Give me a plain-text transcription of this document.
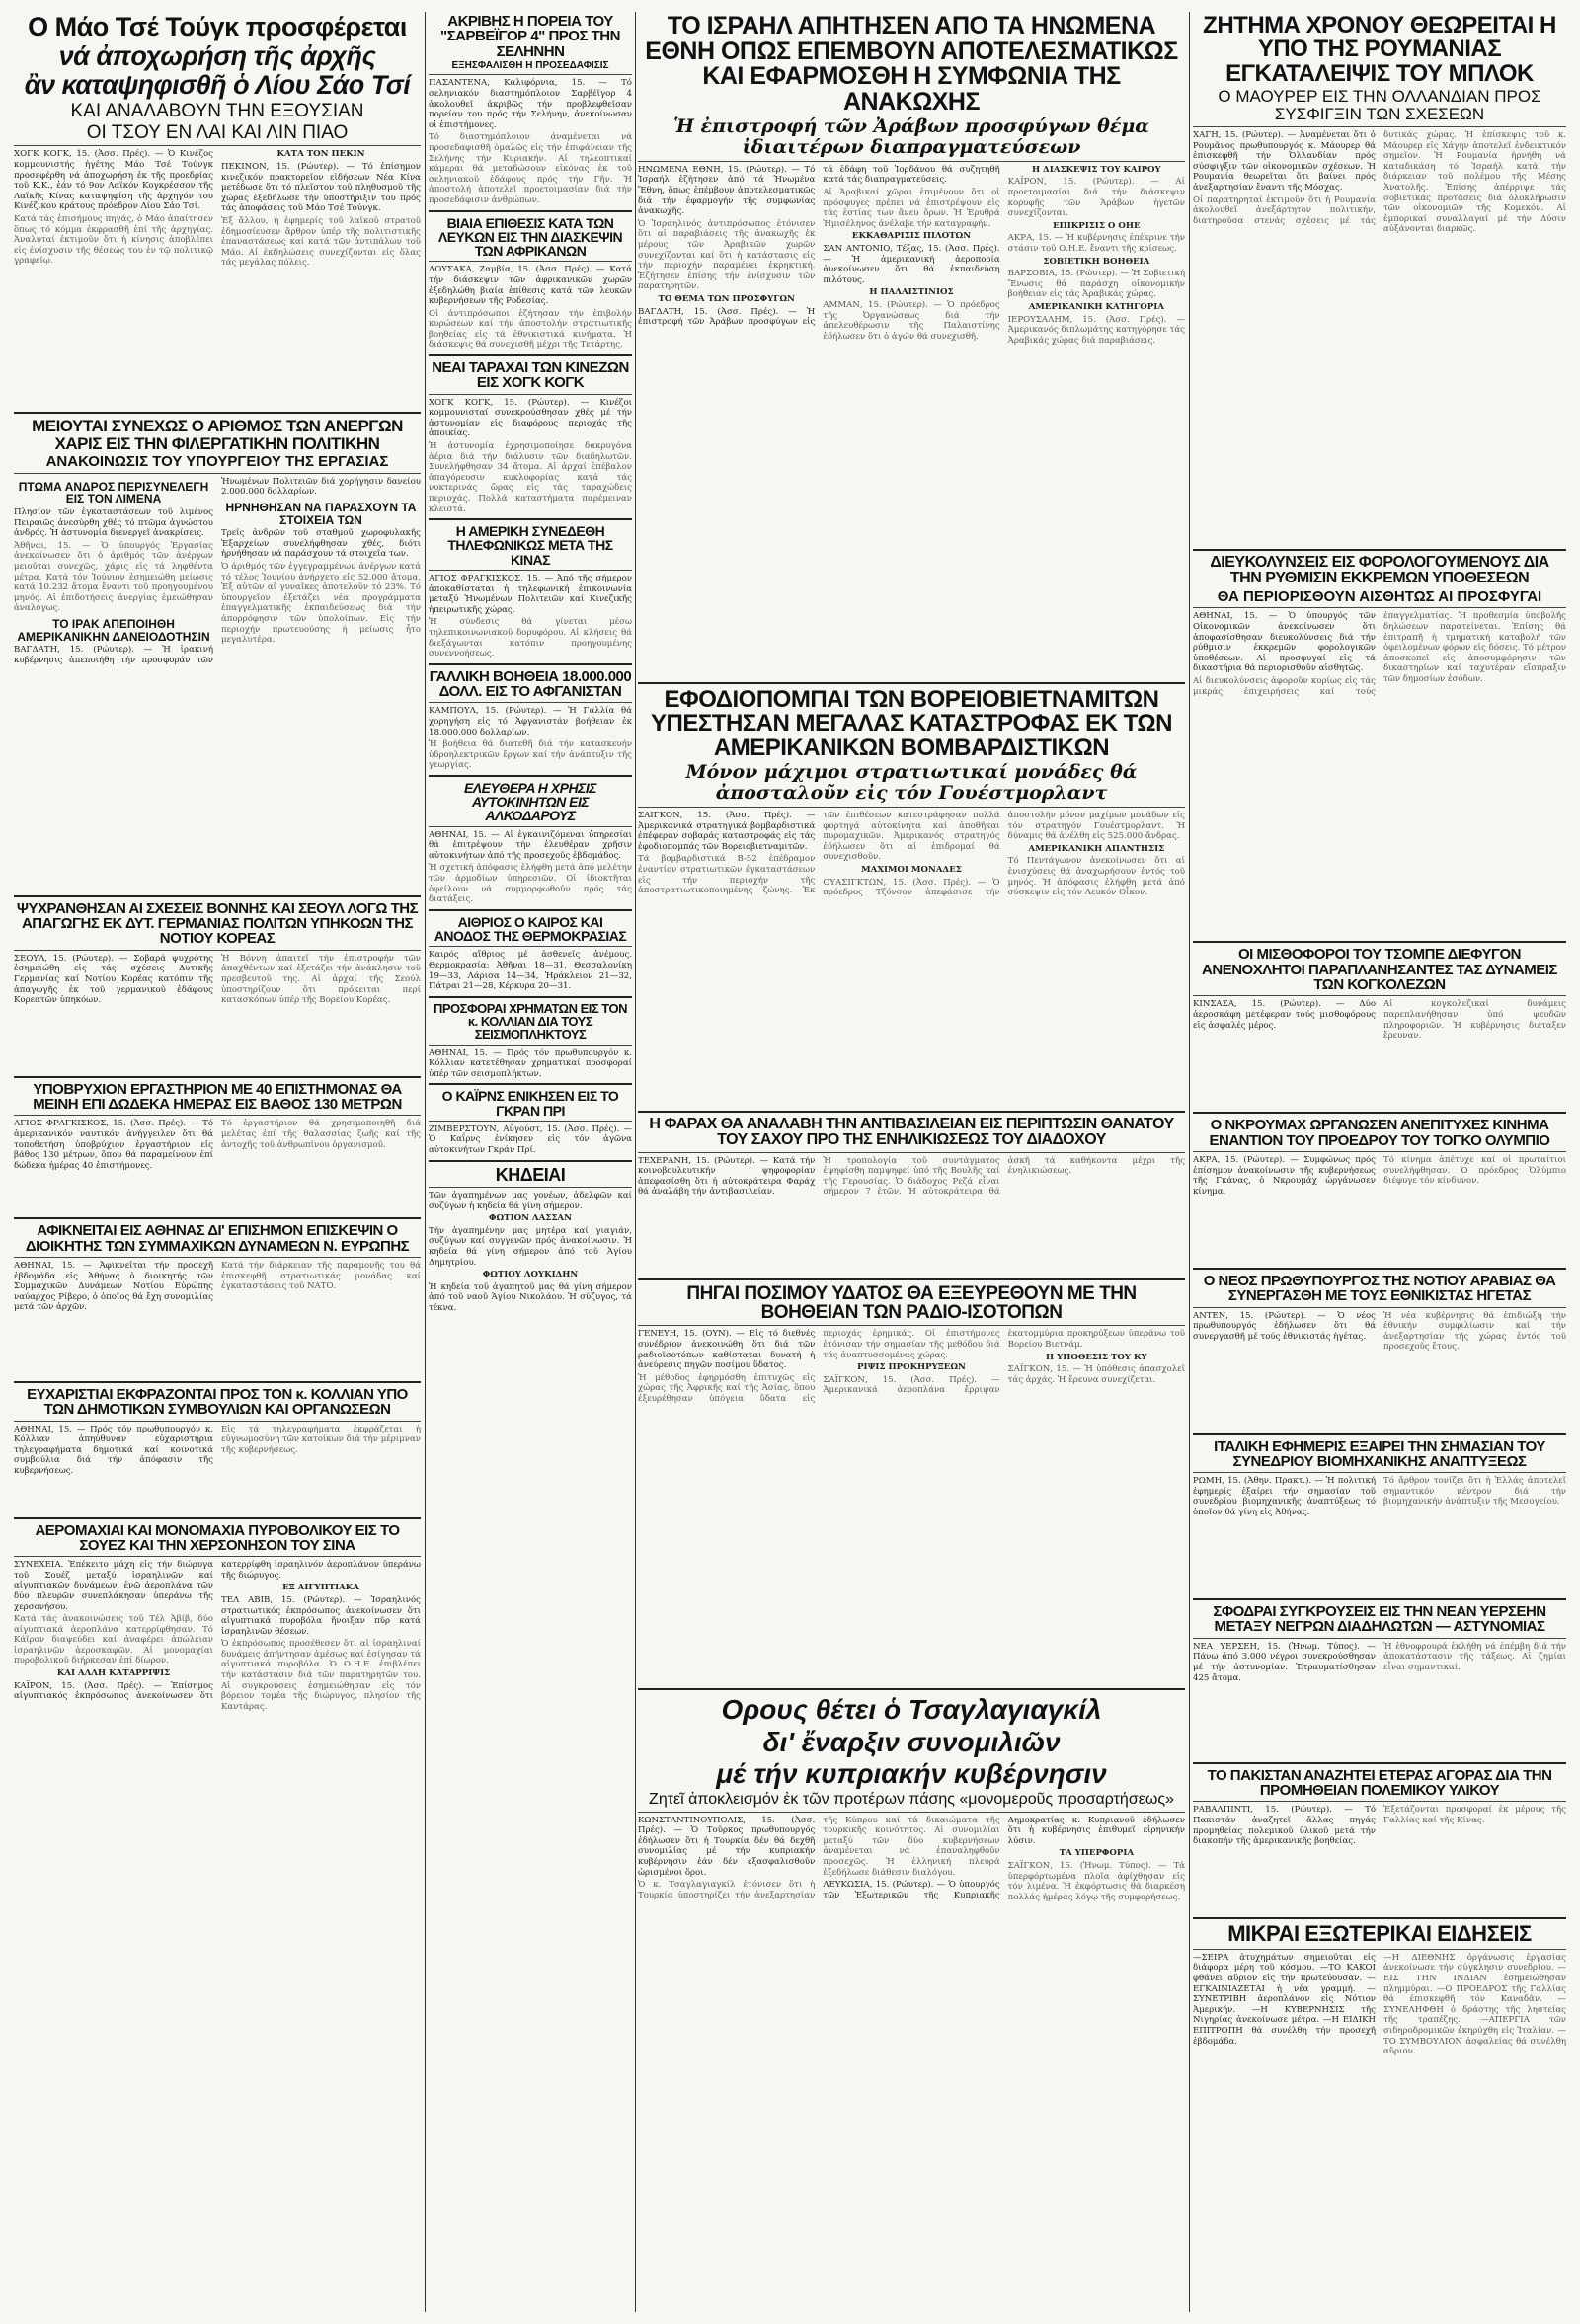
Ο Μάο Τσέ Τούγκ προσφέρεται
νά ἀποχωρήση τῆς ἀρχῆς
ἂν καταψηφισθῆ ὁ Λίου Σάο Τσί
ΚΑΙ ΑΝΑΛΑΒΟΥΝ ΤΗΝ ΕΞΟΥΣΙΑΝ
ΟΙ ΤΣΟΥ ΕΝ ΛΑΙ ΚΑΙ ΛΙΝ ΠΙΑΟ

ΧΟΓΚ ΚΟΓΚ, 15. (Ἀσσ. Πρές). — Ὁ Κινέζος κομμουνιστής ἡγέτης Μάο Τσέ Τούνγκ προσεφέρθη νά ἀποχωρήση ἐκ τῆς προεδρίας τοῦ Κ.Κ., ἐάν τό 9ον Λαϊκόν Κογκρέσσον τῆς Λαϊκῆς Κίνας καταψηφίση τῆς ἀρχηγόν του Κινέζικου κράτους πρόεδρον Λίου Σάο Τσί.

Κατά τάς ἐπισήμους πηγάς, ὁ Μάο ἀπαίτησεν ὅπως τό κόμμα ἐκφρασθῆ ἐπί τῆς ἀρχηγίας. Ἀναλυταί ἐκτιμοῦν ὅτι ἡ κίνησις ἀποβλέπει εἰς ἐνίσχυσιν τῆς θέσεώς του ἐν τῷ πολιτικῷ γραφείῳ.

ΚΑΤΑ ΤΟΝ ΠΕΚΙΝ

ΠΕΚΙΝΟΝ, 15. (Ρώυτερ). — Τό ἐπίσημον κινεζικόν πρακτορεῖον εἰδήσεων Νέα Κίνα μετέδωσε ὅτι τό πλεῖστον τοῦ πληθυσμοῦ τῆς χώρας ἐξεδήλωσε τήν ὑποστήριξιν του πρός τάς ἀποφάσεις τοῦ Μάο Τσέ Τούνγκ.

Ἐξ ἄλλου, ἡ ἐφημερίς τοῦ λαϊκοῦ στρατοῦ ἐδημοσίευσεν ἄρθρον ὑπέρ τῆς πολιτιστικῆς ἐπαναστάσεως καί κατά τῶν ἀντιπάλων τοῦ Μάο. Αἱ ἐκδηλώσεις συνεχίζονται εἰς ὅλας τάς μεγάλας πόλεις.

ΜΕΙΟΥΤΑΙ ΣΥΝΕΧΩΣ Ο ΑΡΙΘΜΟΣ ΤΩΝ ΑΝΕΡΓΩΝ ΧΑΡΙΣ ΕΙΣ ΤΗΝ ΦΙΛΕΡΓΑΤΙΚΗΝ ΠΟΛΙΤΙΚΗΝ
ΑΝΑΚΟΙΝΩΣΙΣ ΤΟΥ ΥΠΟΥΡΓΕΙΟΥ ΤΗΣ ΕΡΓΑΣΙΑΣ
ΠΤΩΜΑ ΑΝΔΡΟΣ ΠΕΡΙΣΥΝΕΛΕΓΗ ΕΙΣ ΤΟΝ ΛΙΜΕΝΑ

Πλησίον τῶν ἐγκαταστάσεων τοῦ λιμένος Πειραιῶς ἀνεσύρθη χθές τό πτῶμα ἀγνώστου ἀνδρός. Ἡ ἀστυνομία διενεργεῖ ἀνακρίσεις.

Ἀθῆναι, 15. — Ὁ ὑπουργός Ἐργασίας ἀνεκοίνωσεν ὅτι ὁ ἀριθμός τῶν ἀνέργων μειοῦται συνεχῶς, χάρις εἰς τά ληφθέντα μέτρα. Κατά τόν Ἰούνιον ἐσημειώθη μείωσις κατά 10.232 ἄτομα ἔναντι τοῦ προηγουμένου μηνός. Αἱ ἐπιδοτήσεις ἀνεργίας ἐμειώθησαν ἀναλόγως.

ΤΟ ΙΡΑΚ ΑΠΕΠΟΙΗΘΗ ΑΜΕΡΙΚΑΝΙΚΗΝ ΔΑΝΕΙΟΔΟΤΗΣΙΝ

ΒΑΓΔΑΤΗ, 15. (Ρώυτερ). — Ἡ ἰρακινή κυβέρνησις ἀπεποιήθη τήν προσφοράν τῶν Ἡνωμένων Πολιτειῶν διά χορήγησιν δανείου 2.000.000 δολλαρίων.

ΗΡΝΗΘΗΣΑΝ ΝΑ ΠΑΡΑΣΧΟΥΝ ΤΑ ΣΤΟΙΧΕΙΑ ΤΩΝ

Τρεῖς ἀνδρῶν τοῦ σταθμοῦ χωροφυλακῆς Ἐξαρχείων συνελήφθησαν χθές, διότι ἠρνήθησαν νά παράσχουν τά στοιχεῖα των.

Ὁ ἀριθμός τῶν ἐγγεγραμμένων ἀνέργων κατά τό τέλος Ἰουνίου ἀνήρχετο εἰς 52.000 ἄτομα. Ἐξ αὐτῶν αἱ γυναῖκες ἀποτελοῦν τό 23%. Τό ὑπουργεῖον ἐξετάζει νέα προγράμματα ἐπαγγελματικῆς ἐκπαιδεύσεως διά τήν ἀπορρόφησιν τῶν ὑπολοίπων. Εἰς τήν περιοχήν πρωτευούσης ἡ μείωσις ἦτο μεγαλυτέρα.

ΨΥΧΡΑΝΘΗΣΑΝ ΑΙ ΣΧΕΣΕΙΣ ΒΟΝΝΗΣ ΚΑΙ ΣΕΟΥΛ ΛΟΓΩ ΤΗΣ ΑΠΑΓΩΓΗΣ ΕΚ ΔΥΤ. ΓΕΡΜΑΝΙΑΣ ΠΟΛΙΤΩΝ ΥΠΗΚΟΩΝ ΤΗΣ ΝΟΤΙΟΥ ΚΟΡΕΑΣ

ΣΕΟΥΛ, 15. (Ρώυτερ). — Σοβαρά ψυχρότης ἐσημειώθη εἰς τάς σχέσεις Δυτικῆς Γερμανίας καί Νοτίου Κορέας κατόπιν τῆς ἀπαγωγῆς ἐκ τοῦ γερμανικοῦ ἐδάφους Κορεατῶν ὑπηκόων.

Ἡ Βόννη ἀπαιτεῖ τήν ἐπιστροφήν τῶν ἀπαχθέντων καί ἐξετάζει τήν ἀνάκλησιν τοῦ πρεσβευτοῦ της. Αἱ ἀρχαί τῆς Σεούλ ὑποστηρίζουν ὅτι πρόκειται περί κατασκόπων ὑπέρ τῆς Βορείου Κορέας.

ΥΠΟΒΡΥΧΙΟΝ ΕΡΓΑΣΤΗΡΙΟΝ ΜΕ 40 ΕΠΙΣΤΗΜΟΝΑΣ ΘΑ ΜΕΙΝΗ ΕΠΙ ΔΩΔΕΚΑ ΗΜΕΡΑΣ ΕΙΣ ΒΑΘΟΣ 130 ΜΕΤΡΩΝ

ΑΓΙΟΣ ΦΡΑΓΚΙΣΚΟΣ, 15. (Ἀσσ. Πρές). — Τό ἀμερικανικόν ναυτικόν ἀνήγγειλεν ὅτι θά τοποθετήση ὑποβρύχιον ἐργαστήριον εἰς βάθος 130 μέτρων, ὅπου θά παραμείνουν ἐπί δώδεκα ἡμέρας 40 ἐπιστήμονες.

Τό ἐργαστήριον θά χρησιμοποιηθῆ διά μελέτας ἐπί τῆς θαλασσίας ζωῆς καί τῆς ἀντοχῆς τοῦ ἀνθρωπίνου ὀργανισμοῦ.

ΑΦΙΚΝΕΙΤΑΙ ΕΙΣ ΑΘΗΝΑΣ ΔΙ' ΕΠΙΣΗΜΟΝ ΕΠΙΣΚΕΨΙΝ Ο ΔΙΟΙΚΗΤΗΣ ΤΩΝ ΣΥΜΜΑΧΙΚΩΝ ΔΥΝΑΜΕΩΝ Ν. ΕΥΡΩΠΗΣ

ΑΘΗΝΑΙ, 15. — Ἀφικνεῖται τήν προσεχῆ ἑβδομάδα εἰς Ἀθήνας ὁ διοικητής τῶν Συμμαχικῶν Δυνάμεων Νοτίου Εὐρώπης ναύαρχος Ρίβερο, ὁ ὁποῖος θά ἔχη συνομιλίας μετά τῶν ἀρχῶν.

Κατά τήν διάρκειαν τῆς παραμονῆς του θά ἐπισκεφθῆ στρατιωτικάς μονάδας καί ἐγκαταστάσεις τοῦ ΝΑΤΟ.

ΕΥΧΑΡΙΣΤΙΑΙ ΕΚΦΡΑΖΟΝΤΑΙ ΠΡΟΣ ΤΟΝ κ. ΚΟΛΛΙΑΝ ΥΠΟ ΤΩΝ ΔΗΜΟΤΙΚΩΝ ΣΥΜΒΟΥΛΙΩΝ ΚΑΙ ΟΡΓΑΝΩΣΕΩΝ

ΑΘΗΝΑΙ, 15. — Πρός τόν πρωθυπουργόν κ. Κόλλιαν ἀπηύθυναν εὐχαριστήρια τηλεγραφήματα δημοτικά καί κοινοτικά συμβούλια διά τήν ἀπόφασιν τῆς κυβερνήσεως.

Εἰς τά τηλεγραφήματα ἐκφράζεται ἡ εὐγνωμοσύνη τῶν κατοίκων διά τήν μέριμναν τῆς κυβερνήσεως.

ΑΕΡΟΜΑΧΙΑΙ ΚΑΙ ΜΟΝΟΜΑΧΙΑ ΠΥΡΟΒΟΛΙΚΟΥ ΕΙΣ ΤΟ ΣΟΥΕΖ ΚΑΙ ΤΗΝ ΧΕΡΣΟΝΗΣΟΝ ΤΟΥ ΣΙΝΑ

ΣΥΝΕΧΕΙΑ. Ἐπέκειτο μάχη εἰς τήν διώρυγα τοῦ Σουέζ μεταξύ ἰσραηλινῶν καί αἰγυπτιακῶν δυνάμεων, ἐνῶ ἀεροπλάνα τῶν δύο πλευρῶν συνεπλάκησαν ὑπεράνω τῆς χερσονήσου.

Κατά τάς ἀνακοινώσεις τοῦ Τέλ Ἀβίβ, δύο αἰγυπτιακά ἀεροπλάνα κατερρίφθησαν. Τό Κάϊρον διαψεύδει καί ἀναφέρει ἀπώλειαν ἰσραηλινῶν ἀεροσκαφῶν. Αἱ μονομαχίαι πυροβολικοῦ διήρκεσαν ἐπί δίωρον.

ΚΑΙ ΑΛΛΗ ΚΑΤΑΡΡΙΨΙΣ

ΚΑΪΡΟΝ, 15. (Ἀσσ. Πρές). — Ἐπίσημος αἰγυπτιακός ἐκπρόσωπος ἀνεκοίνωσεν ὅτι κατερρίφθη ἰσραηλινόν ἀεροπλάνον ὑπεράνω τῆς διώρυγος.

ΕΞ ΑΙΓΥΠΤΙΑΚΑ

ΤΕΛ ΑΒΙΒ, 15. (Ρώυτερ). — Ἰσραηλινός στρατιωτικός ἐκπρόσωπος ἀνεκοίνωσεν ὅτι αἰγυπτιακά πυροβόλα ἤνοιξαν πῦρ κατά ἰσραηλινῶν θέσεων.

Ὁ ἐκπρόσωπος προσέθεσεν ὅτι αἱ ἰσραηλιναί δυνάμεις ἀπήντησαν ἀμέσως καί ἐσίγησαν τά αἰγυπτιακά πυροβόλα. Ὁ Ο.Η.Ε. ἐπιβλέπει τήν κατάστασιν διά τῶν παρατηρητῶν του. Αἱ συγκρούσεις ἐσημειώθησαν εἰς τόν βόρειον τομέα τῆς διώρυγος, πλησίον τῆς Καντάρας.

ΑΚΡΙΒΗΣ Η ΠΟΡΕΙΑ ΤΟΥ "ΣΑΡΒΕΪΓΟΡ 4" ΠΡΟΣ ΤΗΝ ΣΕΛΗΝΗΝ
ΕΞΗΣΦΑΛΙΣΘΗ Η ΠΡΟΣΕΔΑΦΙΣΙΣ

ΠΑΣΑΝΤΕΝΑ, Καλιφόρνια, 15. — Τό σεληνιακόν διαστημόπλοιον Σαρβέϊγορ 4 ἀκολουθεῖ ἀκριβῶς τήν προβλεφθεῖσαν πορείαν του πρός τήν Σελήνην, ἀνεκοίνωσαν οἱ ἐπιστήμονες.

Τό διαστημόπλοιον ἀναμένεται νά προσεδαφισθῆ ὁμαλῶς εἰς τήν ἐπιφάνειαν τῆς Σελήνης τήν Κυριακήν. Αἱ τηλεοπτικαί κάμεραι θά μεταδώσουν εἰκόνας ἐκ τοῦ σεληνιακοῦ ἐδάφους πρός τήν Γῆν. Ἡ ἀποστολή ἀποτελεῖ προετοιμασίαν διά τήν προσεδάφισιν ἀνθρώπων.

ΒΙΑΙΑ ΕΠΙΘΕΣΙΣ ΚΑΤΑ ΤΩΝ ΛΕΥΚΩΝ ΕΙΣ ΤΗΝ ΔΙΑΣΚΕΨΙΝ ΤΩΝ ΑΦΡΙΚΑΝΩΝ

ΛΟΥΣΑΚΑ, Ζαμβία, 15. (Ἀσσ. Πρές). — Κατά τήν διάσκεψιν τῶν ἀφρικανικῶν χωρῶν ἐξεδηλώθη βιαία ἐπίθεσις κατά τῶν λευκῶν κυβερνήσεων τῆς Ροδεσίας.

Οἱ ἀντιπρόσωποι ἐζήτησαν τήν ἐπιβολήν κυρώσεων καί τήν ἀποστολήν στρατιωτικῆς βοηθείας εἰς τά ἐθνικιστικά κινήματα. Ἡ διάσκεψις θά συνεχισθῆ μέχρι τῆς Τετάρτης.

ΝΕΑΙ ΤΑΡΑΧΑΙ ΤΩΝ ΚΙΝΕΖΩΝ ΕΙΣ ΧΟΓΚ ΚΟΓΚ

ΧΟΓΚ ΚΟΓΚ, 15. (Ρώυτερ). — Κινέζοι κομμουνισταί συνεκρούσθησαν χθές μέ τήν ἀστυνομίαν εἰς διαφόρους περιοχάς τῆς ἀποικίας.

Ἡ ἀστυνομία ἐχρησιμοποίησε δακρυγόνα ἀέρια διά τήν διάλυσιν τῶν διαδηλωτῶν. Συνελήφθησαν 34 ἄτομα. Αἱ ἀρχαί ἐπέβαλον ἀπαγόρευσιν κυκλοφορίας κατά τάς νυκτερινάς ὥρας εἰς τάς ταραχώδεις περιοχάς. Πολλά καταστήματα παρέμειναν κλειστά.

Η ΑΜΕΡΙΚΗ ΣΥΝΕΔΕΘΗ ΤΗΛΕΦΩΝΙΚΩΣ ΜΕΤΑ ΤΗΣ ΚΙΝΑΣ

ΑΓΙΟΣ ΦΡΑΓΚΙΣΚΟΣ, 15. — Ἀπό τῆς σήμερον ἀποκαθίσταται ἡ τηλεφωνική ἐπικοινωνία μεταξύ Ἡνωμένων Πολιτειῶν καί Κινεζικῆς ἠπειρωτικῆς χώρας.

Ἡ σύνδεσις θά γίνεται μέσω τηλεπικοινωνιακοῦ δορυφόρου. Αἱ κλήσεις θά διεξάγωνται κατόπιν προηγουμένης συνεννοήσεως.

ΓΑΛΛΙΚΗ ΒΟΗΘΕΙΑ 18.000.000 ΔΟΛΛ. ΕΙΣ ΤΟ ΑΦΓΑΝΙΣΤΑΝ

ΚΑΜΠΟΥΛ, 15. (Ρώυτερ). — Ἡ Γαλλία θά χορηγήση εἰς τό Ἀφγανιστάν βοήθειαν ἐκ 18.000.000 δολλαρίων.

Ἡ βοήθεια θά διατεθῆ διά τήν κατασκευήν ὑδροηλεκτρικῶν ἔργων καί τήν ἀνάπτυξιν τῆς γεωργίας.

ΕΛΕΥΘΕΡΑ Η ΧΡΗΣΙΣ ΑΥΤΟΚΙΝΗΤΩΝ ΕΙΣ ΑΛΚΟΔΑΡΟΥΣ

ΑΘΗΝΑΙ, 15. — Αἱ ἐγκαινιζόμεναι ὑπηρεσίαι θά ἐπιτρέψουν τήν ἐλευθέραν χρῆσιν αὐτοκινήτων ἀπό τῆς προσεχοῦς ἑβδομάδος.

Ἡ σχετική ἀπόφασις ἐλήφθη μετά ἀπό μελέτην τῶν ἁρμοδίων ὑπηρεσιῶν. Οἱ ἰδιοκτῆται ὀφείλουν νά συμμορφωθοῦν πρός τάς διατάξεις.

ΑΙΘΡΙΟΣ Ο ΚΑΙΡΟΣ ΚΑΙ ΑΝΟΔΟΣ ΤΗΣ ΘΕΡΜΟΚΡΑΣΙΑΣ

Καιρός αἴθριος μέ ἀσθενεῖς ἀνέμους. Θερμοκρασία: Ἀθῆναι 18—31, Θεσσαλονίκη 19—33, Λάρισα 14—34, Ἡράκλειον 21—32, Πάτραι 21—28, Κέρκυρα 20—31.

ΠΡΟΣΦΟΡΑΙ ΧΡΗΜΑΤΩΝ ΕΙΣ ΤΟΝ κ. ΚΟΛΛΙΑΝ ΔΙΑ ΤΟΥΣ ΣΕΙΣΜΟΠΛΗΚΤΟΥΣ

ΑΘΗΝΑΙ, 15. — Πρός τόν πρωθυπουργόν κ. Κόλλιαν κατετέθησαν χρηματικαί προσφοραί ὑπέρ τῶν σεισμοπλήκτων.

Ο ΚΑΪΡΝΣ ΕΝΙΚΗΣΕΝ ΕΙΣ ΤΟ ΓΚΡΑΝ ΠΡΙ

ΖΙΜΒΕΡΣΤΟΥΝ, Αὐγούστ, 15. (Ἀσσ. Πρές). — Ὁ Καΐρνς ἐνίκησεν εἰς τόν ἀγῶνα αὐτοκινήτων Γκράν Πρί.

ΚΗΔΕΙΑΙ

Τῶν ἀγαπημένων μας γονέων, ἀδελφῶν καί συζύγων ἡ κηδεία θά γίνη σήμερον.

ΦΩΤΙΟΝ ΛΑΣΣΑΝ

Τήν ἀγαπημένην μας μητέρα καί γιαγιάν, συζύγων καί συγγενῶν πρός ἀνακοίνωσιν. Ἡ κηδεία θά γίνη σήμερον ἀπό τοῦ Ἁγίου Δημητρίου.

ΦΩΤΙΟΥ ΛΟΥΚΙΔΗΝ

Ἡ κηδεία τοῦ ἀγαπητοῦ μας θά γίνη σήμερον ἀπό τοῦ ναοῦ Ἁγίου Νικολάου. Ἡ σύζυγος, τά τέκνα.

ΤΟ ΙΣΡΑΗΛ ΑΠΗΤΗΣΕΝ ΑΠΟ ΤΑ ΗΝΩΜΕΝΑ ΕΘΝΗ ΟΠΩΣ ΕΠΕΜΒΟΥΝ ΑΠΟΤΕΛΕΣΜΑΤΙΚΩΣ ΚΑΙ ΕΦΑΡΜΟΣΘΗ Η ΣΥΜΦΩΝΙΑ ΤΗΣ ΑΝΑΚΩΧΗΣ
Ἡ ἐπιστροφή τῶν Ἀράβων προσφύγων θέμα ἰδιαιτέρων διαπραγματεύσεων

ΗΝΩΜΕΝΑ ΕΘΝΗ, 15. (Ρώυτερ). — Τό Ἰσραήλ ἐζήτησεν ἀπό τά Ἡνωμένα Ἔθνη, ὅπως ἐπέμβουν ἀποτελεσματικῶς διά τήν ἐφαρμογήν τῆς συμφωνίας ἀνακωχῆς.

Ὁ Ἰσραηλινός ἀντιπρόσωπος ἐτόνισεν ὅτι αἱ παραβιάσεις τῆς ἀνακωχῆς ἐκ μέρους τῶν Ἀραβικῶν χωρῶν συνεχίζονται καί ὅτι ἡ κατάστασις εἰς τήν περιοχήν παραμένει ἐκρηκτική. Ἐζήτησεν ἐπίσης τήν ἐνίσχυσιν τῶν παρατηρητῶν.

ΤΟ ΘΕΜΑ ΤΩΝ ΠΡΟΣΦΥΓΩΝ

ΒΑΓΔΑΤΗ, 15. (Ἀσσ. Πρές). — Ἡ ἐπιστροφή τῶν Ἀράβων προσφύγων εἰς τά ἐδάφη τοῦ Ἰορδάνου θά συζητηθῆ κατά τάς διαπραγματεύσεις.

Αἱ Ἀραβικαί χῶραι ἐπιμένουν ὅτι οἱ πρόσφυγες πρέπει νά ἐπιστρέψουν εἰς τάς ἑστίας των ἄνευ ὅρων. Ἡ Ἐρυθρά Ἡμισέληνος ἀνέλαβε τήν καταγραφήν.

ΕΚΚΑΘΑΡΙΣΙΣ ΠΙΛΟΤΩΝ

ΣΑΝ ΑΝΤΟΝΙΟ, Τέξας, 15. (Ἀσσ. Πρές). — Ἡ ἀμερικανική ἀεροπορία ἀνεκοίνωσεν ὅτι θά ἐκπαιδεύση πιλότους.

Η ΠΑΛΑΙΣΤΙΝΙΟΣ

ΑΜΜΑΝ, 15. (Ρώυτερ). — Ὁ πρόεδρος τῆς Ὀργανώσεως διά τήν ἀπελευθέρωσιν τῆς Παλαιστίνης ἐδήλωσεν ὅτι ὁ ἀγών θά συνεχισθῆ.

Η ΔΙΑΣΚΕΨΙΣ ΤΟΥ ΚΑΪΡΟΥ

ΚΑΪΡΟΝ, 15. (Ρώυτερ). — Αἱ προετοιμασίαι διά τήν διάσκεψιν κορυφῆς τῶν Ἀράβων ἡγετῶν συνεχίζονται.

ΕΠΙΚΡΙΣΙΣ Ο ΟΗΕ

ΑΚΡΑ, 15. — Ἡ κυβέρνησις ἐπέκρινε τήν στάσιν τοῦ Ο.Η.Ε. ἔναντι τῆς κρίσεως.

ΣΟΒΙΕΤΙΚΗ ΒΟΗΘΕΙΑ

ΒΑΡΣΟΒΙΑ, 15. (Ρώυτερ). — Ἡ Σοβιετική Ἕνωσις θά παράσχη οἰκονομικήν βοήθειαν εἰς τάς Ἀραβικάς χώρας.

ΑΜΕΡΙΚΑΝΙΚΗ ΚΑΤΗΓΟΡΙΑ

ΙΕΡΟΥΣΑΛΗΜ, 15. (Ἀσσ. Πρές). — Ἀμερικανός διπλωμάτης κατηγόρησε τάς Ἀραβικάς χώρας διά παραβιάσεις.

ΕΦΟΔΙΟΠΟΜΠΑΙ ΤΩΝ ΒΟΡΕΙΟΒΙΕΤΝΑΜΙΤΩΝ ΥΠΕΣΤΗΣΑΝ ΜΕΓΑΛΑΣ ΚΑΤΑΣΤΡΟΦΑΣ ΕΚ ΤΩΝ ΑΜΕΡΙΚΑΝΙΚΩΝ ΒΟΜΒΑΡΔΙΣΤΙΚΩΝ
Μόνον μάχιμοι στρατιωτικαί μονάδες θά ἀποσταλοῦν εἰς τόν Γουέστμορλαντ

ΣΑΪΓΚΟΝ, 15. (Ἀσσ. Πρές). — Ἀμερικανικά στρατηγικά βομβαρδιστικά ἐπέφεραν σοβαράς καταστροφάς εἰς τάς ἐφοδιοπομπάς τῶν Βορειοβιετναμιτῶν.

Τά βομβαρδιστικά Β-52 ἐπέδραμον ἐναντίον στρατιωτικῶν ἐγκαταστάσεων εἰς τήν περιοχήν τῆς ἀποστρατιωτικοποιημένης ζώνης. Ἐκ τῶν ἐπιθέσεων κατεστράφησαν πολλά φορτηγά αὐτοκίνητα καί ἀποθῆκαι πυρομαχικῶν. Ἀμερικανός στρατηγός ἐδήλωσεν ὅτι αἱ ἐπιδρομαί θά συνεχισθοῦν.

ΜΑΧΙΜΟΙ ΜΟΝΑΔΕΣ

ΟΥΑΣΙΓΚΤΩΝ, 15. (Ἀσσ. Πρές). — Ὁ πρόεδρος Τζόνσον ἀπεφάσισε τήν ἀποστολήν μόνον μαχίμων μονάδων εἰς τόν στρατηγόν Γουέστμορλαντ. Ἡ δύναμις θά ἀνέλθη εἰς 525.000 ἄνδρας.

ΑΜΕΡΙΚΑΝΙΚΗ ΑΠΑΝΤΗΣΙΣ

Τό Πεντάγωνον ἀνεκοίνωσεν ὅτι αἱ ἐνισχύσεις θά ἀναχωρήσουν ἐντός τοῦ μηνός. Ἡ ἀπόφασις ἐλήφθη μετά ἀπό σύσκεψιν εἰς τόν Λευκόν Οἶκον.

Η ΦΑΡΑΧ ΘΑ ΑΝΑΛΑΒΗ ΤΗΝ ΑΝΤΙΒΑΣΙΛΕΙΑΝ ΕΙΣ ΠΕΡΙΠΤΩΣΙΝ ΘΑΝΑΤΟΥ ΤΟΥ ΣΑΧΟΥ ΠΡΟ ΤΗΣ ΕΝΗΛΙΚΙΩΣΕΩΣ ΤΟΥ ΔΙΑΔΟΧΟΥ

ΤΕΧΕΡΑΝΗ, 15. (Ρώυτερ). — Κατά τήν κοινοβουλευτικήν ψηφοφορίαν ἀπεφασίσθη ὅτι ἡ αὐτοκράτειρα Φαράχ θά ἀναλάβη τήν ἀντιβασιλείαν.

Ἡ τροπολογία τοῦ συντάγματος ἐψηφίσθη παμψηφεί ὑπό τῆς Βουλῆς καί τῆς Γερουσίας. Ὁ διάδοχος Ρεζά εἶναι σήμερον 7 ἐτῶν. Ἡ αὐτοκράτειρα θά ἀσκῆ τά καθήκοντα μέχρι τῆς ἐνηλικιώσεως.

ΠΗΓΑΙ ΠΟΣΙΜΟΥ ΥΔΑΤΟΣ ΘΑ ΕΞΕΥΡΕΘΟΥΝ ΜΕ ΤΗΝ ΒΟΗΘΕΙΑΝ ΤΩΝ ΡΑΔΙΟ-ΙΣΟΤΟΠΩΝ

ΓΕΝΕΥΗ, 15. (ΟΥΝ). — Εἰς τό διεθνές συνέδριον ἀνεκοινώθη ὅτι διά τῶν ραδιοϊσοτόπων καθίσταται δυνατή ἡ ἀνεύρεσις πηγῶν ποσίμου ὕδατος.

Ἡ μέθοδος ἐφηρμόσθη ἐπιτυχῶς εἰς χώρας τῆς Ἀφρικῆς καί τῆς Ἀσίας, ὅπου ἐξευρέθησαν ὑπόγεια ὕδατα εἰς περιοχάς ἐρημικάς. Οἱ ἐπιστήμονες ἐτόνισαν τήν σημασίαν τῆς μεθόδου διά τάς ἀναπτυσσομένας χώρας.

ΡΙΨΙΣ ΠΡΟΚΗΡΥΞΕΩΝ

ΣΑΪΓΚΟΝ, 15. (Ἀσσ. Πρές). — Ἀμερικανικά ἀεροπλάνα ἔρριψαν ἑκατομμύρια προκηρύξεων ὑπεράνω τοῦ Βορείου Βιετνάμ.

Η ΥΠΟΘΕΣΙΣ ΤΟΥ ΚΥ

ΣΑΪΓΚΟΝ, 15. — Ἡ ὑπόθεσις ἀπασχολεῖ τάς ἀρχάς. Ἡ ἔρευνα συνεχίζεται.

Ορους θέτει ὁ Τσαγλαγιαγκίλ
δι' ἔναρξιν συνομιλιῶν
μέ τήν κυπριακήν κυβέρνησιν
Ζητεῖ ἀποκλεισμόν ἐκ τῶν προτέρων πάσης «μονομεροῦς προσαρτήσεως»

ΚΩΝΣΤΑΝΤΙΝΟΥΠΟΛΙΣ, 15. (Ἀσσ. Πρές). — Ὁ Τοῦρκος πρωθυπουργός ἐδήλωσεν ὅτι ἡ Τουρκία δέν θά δεχθῆ συνομιλίας μέ τήν κυπριακήν κυβέρνησιν ἐάν δέν ἐξασφαλισθοῦν ὡρισμένοι ὅροι.

Ὁ κ. Τσαγλαγιαγκίλ ἐτόνισεν ὅτι ἡ Τουρκία ὑποστηρίζει τήν ἀνεξαρτησίαν τῆς Κύπρου καί τά δικαιώματα τῆς τουρκικῆς κοινότητος. Αἱ συνομιλίαι μεταξύ τῶν δύο κυβερνήσεων ἀναμένεται νά ἐπαναληφθοῦν προσεχῶς. Ἡ ἑλληνική πλευρά ἐξεδήλωσε διάθεσιν διαλόγου.

ΛΕΥΚΩΣΙΑ, 15. (Ρώυτερ). — Ὁ ὑπουργός τῶν Ἐξωτερικῶν τῆς Κυπριακῆς Δημοκρατίας κ. Κυπριανοῦ ἐδήλωσεν ὅτι ἡ κυβέρνησις ἐπιθυμεῖ εἰρηνικήν λύσιν.

ΤΑ ΥΠΕΡΦΟΡΙΑ

ΣΑΪΓΚΟΝ, 15. (Ἡνωμ. Τύπος). — Τά ὑπερφόρτωμένα πλοῖα ἀφίχθησαν εἰς τόν λιμένα. Ἡ ἐκφόρτωσις θά διαρκέση πολλάς ἡμέρας λόγῳ τῆς συμφορήσεως.

ΖΗΤΗΜΑ ΧΡΟΝΟΥ ΘΕΩΡΕΙΤΑΙ Η ΥΠΟ ΤΗΣ ΡΟΥΜΑΝΙΑΣ ΕΓΚΑΤΑΛΕΙΨΙΣ ΤΟΥ ΜΠΛΟΚ
Ο ΜΑΟΥΡΕΡ ΕΙΣ ΤΗΝ ΟΛΛΑΝΔΙΑΝ ΠΡΟΣ ΣΥΣΦΙΓΞΙΝ ΤΩΝ ΣΧΕΣΕΩΝ

ΧΑΓΗ, 15. (Ρώυτερ). — Ἀναμένεται ὅτι ὁ Ρουμᾶνος πρωθυπουργός κ. Μάουρερ θά ἐπισκεφθῆ τήν Ὀλλανδίαν πρός σύσφιγξιν τῶν οἰκονομικῶν σχέσεων. Ἡ Ρουμανία θεωρεῖται ὅτι βαίνει πρός ἀνεξαρτησίαν ἔναντι τῆς Μόσχας.

Οἱ παρατηρηταί ἐκτιμοῦν ὅτι ἡ Ρουμανία ἀκολουθεῖ ἀνεξάρτητον πολιτικήν, διατηροῦσα στενάς σχέσεις μέ τάς δυτικάς χώρας. Ἡ ἐπίσκεψις τοῦ κ. Μάουρερ εἰς Χάγην ἀποτελεῖ ἐνδεικτικόν σημεῖον. Ἡ Ρουμανία ἠρνήθη νά καταδικάση τό Ἰσραήλ κατά τήν διάρκειαν τοῦ πολέμου τῆς Μέσης Ἀνατολῆς. Ἐπίσης ἀπέρριψε τάς σοβιετικάς προτάσεις διά ὀλοκλήρωσιν τῶν οἰκονομιῶν τῆς Κομεκόν. Αἱ ἐμπορικαί συναλλαγαί μέ τήν Δύσιν αὐξάνονται διαρκῶς.

ΔΙΕΥΚΟΛΥΝΣΕΙΣ ΕΙΣ ΦΟΡΟΛΟΓΟΥΜΕΝΟΥΣ ΔΙΑ ΤΗΝ ΡΥΘΜΙΣΙΝ ΕΚΚΡΕΜΩΝ ΥΠΟΘΕΣΕΩΝ
ΘΑ ΠΕΡΙΟΡΙΣΘΟΥΝ ΑΙΣΘΗΤΩΣ ΑΙ ΠΡΟΣΦΥΓΑΙ

ΑΘΗΝΑΙ, 15. — Ὁ ὑπουργός τῶν Οἰκονομικῶν ἀνεκοίνωσεν ὅτι ἀποφασίσθησαν διευκολύνσεις διά τήν ρύθμισιν ἐκκρεμῶν φορολογικῶν ὑποθέσεων. Αἱ προσφυγαί εἰς τά δικαστήρια θά περιορισθοῦν αἰσθητῶς.

Αἱ διευκολύνσεις ἀφοροῦν κυρίως εἰς τάς μικράς ἐπιχειρήσεις καί τούς ἐπαγγελματίας. Ἡ προθεσμία ὑποβολῆς δηλώσεων παρατείνεται. Ἐπίσης θά ἐπιτραπῆ ἡ τμηματική καταβολή τῶν ὀφειλομένων φόρων εἰς δόσεις. Τό μέτρον ἀποσκοπεῖ εἰς ἀποσυμφόρησιν τῶν δικαστηρίων καί ταχυτέραν εἴσπραξιν τῶν δημοσίων ἐσόδων.

ΟΙ ΜΙΣΘΟΦΟΡΟΙ ΤΟΥ ΤΣΟΜΠΕ ΔΙΕΦΥΓΟΝ ΑΝΕΝΟΧΛΗΤΟΙ ΠΑΡΑΠΛΑΝΗΣΑΝΤΕΣ ΤΑΣ ΔΥΝΑΜΕΙΣ ΤΩΝ ΚΟΓΚΟΛΕΖΩΝ

ΚΙΝΣΑΣΑ, 15. (Ρώυτερ). — Δύο ἀεροσκάφη μετέφεραν τούς μισθοφόρους εἰς ἀσφαλές μέρος.

Αἱ κογκολεζικαί δυνάμεις παρεπλανήθησαν ὑπό ψευδῶν πληροφοριῶν. Ἡ κυβέρνησις διέταξεν ἔρευναν.

Ο ΝΚΡΟΥΜΑΧ ΩΡΓΑΝΩΣΕΝ ΑΝΕΠΙΤΥΧΕΣ ΚΙΝΗΜΑ ΕΝΑΝΤΙΟΝ ΤΟΥ ΠΡΟΕΔΡΟΥ ΤΟΥ ΤΟΓΚΟ ΟΛΥΜΠΙΟ

ΑΚΡΑ, 15. (Ρώυτερ). — Συμφώνως πρός ἐπίσημον ἀνακοίνωσιν τῆς κυβερνήσεως τῆς Γκάνας, ὁ Νκρουμάχ ὠργάνωσεν κίνημα.

Τό κίνημα ἀπέτυχε καί οἱ πρωταίτιοι συνελήφθησαν. Ὁ πρόεδρος Ὀλύμπιο διέφυγε τόν κίνδυνον.

Ο ΝΕΟΣ ΠΡΩΘΥΠΟΥΡΓΟΣ ΤΗΣ ΝΟΤΙΟΥ ΑΡΑΒΙΑΣ ΘΑ ΣΥΝΕΡΓΑΣΘΗ ΜΕ ΤΟΥΣ ΕΘΝΙΚΙΣΤΑΣ ΗΓΕΤΑΣ

ΑΝΤΕΝ, 15. (Ρώυτερ). — Ὁ νέος πρωθυπουργός ἐδήλωσεν ὅτι θά συνεργασθῆ μέ τούς ἐθνικιστάς ἡγέτας.

Ἡ νέα κυβέρνησις θά ἐπιδιώξη τήν ἐθνικήν συμφιλίωσιν καί τήν ἀνεξαρτησίαν τῆς χώρας ἐντός τοῦ προσεχοῦς ἔτους.

ΙΤΑΛΙΚΗ ΕΦΗΜΕΡΙΣ ΕΞΑΙΡΕΙ ΤΗΝ ΣΗΜΑΣΙΑΝ ΤΟΥ ΣΥΝΕΔΡΙΟΥ ΒΙΟΜΗΧΑΝΙΚΗΣ ΑΝΑΠΤΥΞΕΩΣ

ΡΩΜΗ, 15. (Ἀθην. Πρακτ.). — Ἡ πολιτική ἐφημερίς ἐξαίρει τήν σημασίαν τοῦ συνεδρίου βιομηχανικῆς ἀναπτύξεως τό ὁποῖον θά γίνη εἰς Ἀθήνας.

Τό ἄρθρον τονίζει ὅτι ἡ Ἑλλάς ἀποτελεῖ σημαντικόν κέντρον διά τήν βιομηχανικήν ἀνάπτυξιν τῆς Μεσογείου.

ΣΦΟΔΡΑΙ ΣΥΓΚΡΟΥΣΕΙΣ ΕΙΣ ΤΗΝ ΝΕΑΝ ΥΕΡΣΕΗΝ ΜΕΤΑΞΥ ΝΕΓΡΩΝ ΔΙΑΔΗΛΩΤΩΝ — ΑΣΤΥΝΟΜΙΑΣ

ΝΕΑ ΥΕΡΣΕΗ, 15. (Ἡνωμ. Τύπος). — Πάνω ἀπό 3.000 νέγροι συνεκρούσθησαν μέ τήν ἀστυνομίαν. Ἐτραυματίσθησαν 425 ἄτομα.

Ἡ ἐθνοφρουρά ἐκλήθη νά ἐπέμβη διά τήν ἀποκατάστασιν τῆς τάξεως. Αἱ ζημίαι εἶναι σημαντικαί.

ΤΟ ΠΑΚΙΣΤΑΝ ΑΝΑΖΗΤΕΙ ΕΤΕΡΑΣ ΑΓΟΡΑΣ ΔΙΑ ΤΗΝ ΠΡΟΜΗΘΕΙΑΝ ΠΟΛΕΜΙΚΟΥ ΥΛΙΚΟΥ

ΡΑΒΑΛΠΙΝΤΙ, 15. (Ρώυτερ). — Τό Πακιστάν ἀναζητεῖ ἄλλας πηγάς προμηθείας πολεμικοῦ ὑλικοῦ μετά τήν διακοπήν τῆς ἀμερικανικῆς βοηθείας.

Ἐξετάζονται προσφοραί ἐκ μέρους τῆς Γαλλίας καί τῆς Κίνας.

ΜΙΚΡΑΙ ΕΞΩΤΕΡΙΚΑΙ ΕΙΔΗΣΕΙΣ

—ΣΕΙΡΑ ἀτυχημάτων σημειοῦται εἰς διάφορα μέρη τοῦ κόσμου. —ΤΟ ΚΑΚΟΙ φθάνει αὔριον εἰς τήν πρωτεύουσαν. —ΕΓΚΑΙΝΙΑΖΕΤΑΙ ἡ νέα γραμμή. —ΣΥΝΕΤΡΙΒΗ ἀεροπλάνον εἰς Νότιον Ἀμερικήν. —Η ΚΥΒΕΡΝΗΣΙΣ τῆς Νιγηρίας ἀνεκοίνωσε μέτρα. —Η ΕΙΔΙΚΗ ΕΠΙΤΡΟΠΗ θά συνέλθη τήν προσεχῆ ἑβδομάδα.

—Η ΔΙΕΘΝΗΣ ὀργάνωσις ἐργασίας ἀνεκοίνωσε τήν σύγκλησιν συνεδρίου. —ΕΙΣ ΤΗΝ ΙΝΔΙΑΝ ἐσημειώθησαν πλημμύραι. —Ο ΠΡΟΕΔΡΟΣ τῆς Γαλλίας θά ἐπισκεφθῆ τόν Καναδᾶν. —ΣΥΝΕΛΗΦΘΗ ὁ δράστης τῆς ληστείας τῆς τραπέζης. —ΑΠΕΡΓΙΑ τῶν σιδηροδρομικῶν ἐκηρύχθη εἰς Ἰταλίαν. —ΤΟ ΣΥΜΒΟΥΛΙΟΝ ἀσφαλείας θά συνέλθη αὔριον.
